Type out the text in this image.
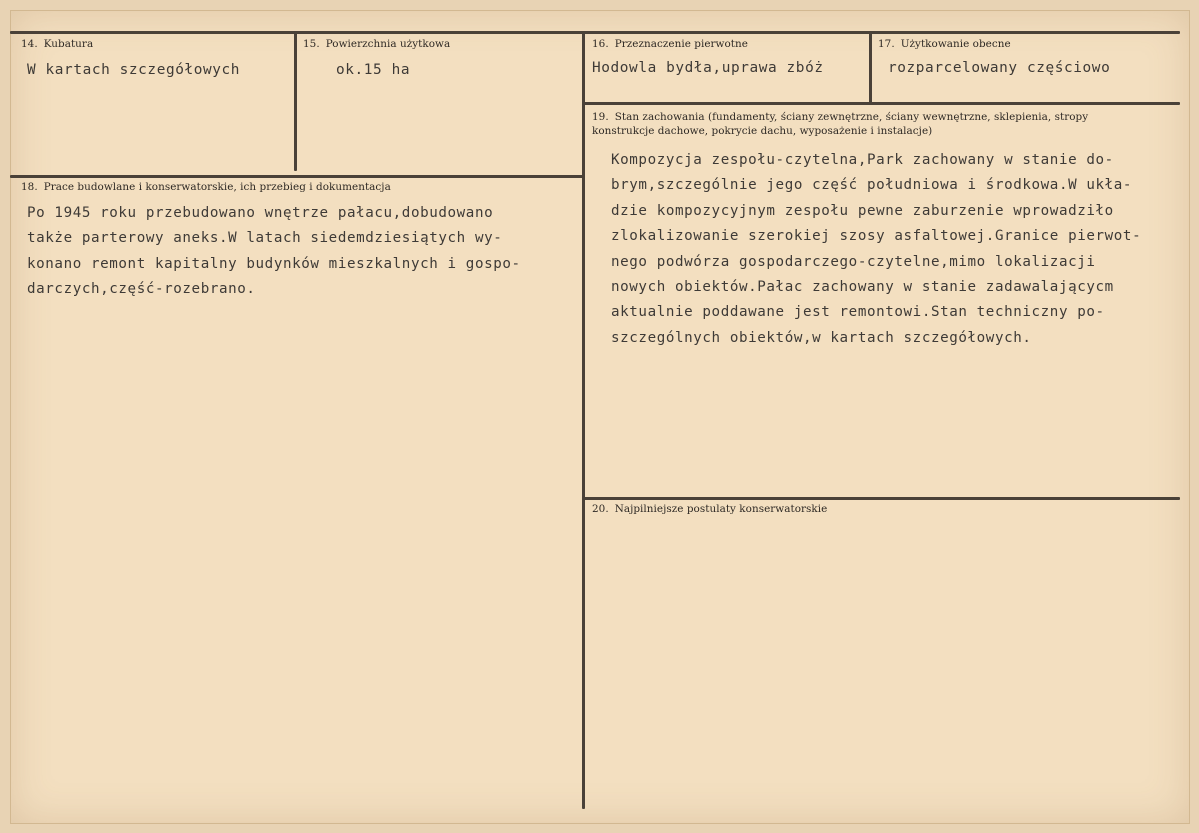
14. Kubatura
W kartach szczegółowych
15. Powierzchnia użytkowa
ok.15 ha
16. Przeznaczenie pierwotne
Hodowla bydła,uprawa zbóż
17. Użytkowanie obecne
rozparcelowany częściowo
18. Prace budowlane i konserwatorskie, ich przebieg i dokumentacja
Po 1945 roku przebudowano wnętrze pałacu,dobudowano
także parterowy aneks.W latach siedemdziesiątych wy-
konano remont kapitalny budynków mieszkalnych i gospo-
darczych,część-rozebrano.
19. Stan zachowania (fundamenty, ściany zewnętrzne, ściany wewnętrzne, sklepienia, stropy konstrukcje dachowe, pokrycie dachu, wyposażenie i instalacje)
Kompozycja zespołu-czytelna,Park zachowany w stanie do-
brym,szczególnie jego część południowa i środkowa.W ukła-
dzie kompozycyjnym zespołu pewne zaburzenie wprowadziło
zlokalizowanie szerokiej szosy asfaltowej.Granice pierwot-
nego podwórza gospodarczego-czytelne,mimo lokalizacji
nowych obiektów.Pałac zachowany w stanie zadawalającycm
aktualnie poddawane jest remontowi.Stan techniczny po-
szczególnych obiektów,w kartach szczegółowych.
20. Najpilniejsze postulaty konserwatorskie
